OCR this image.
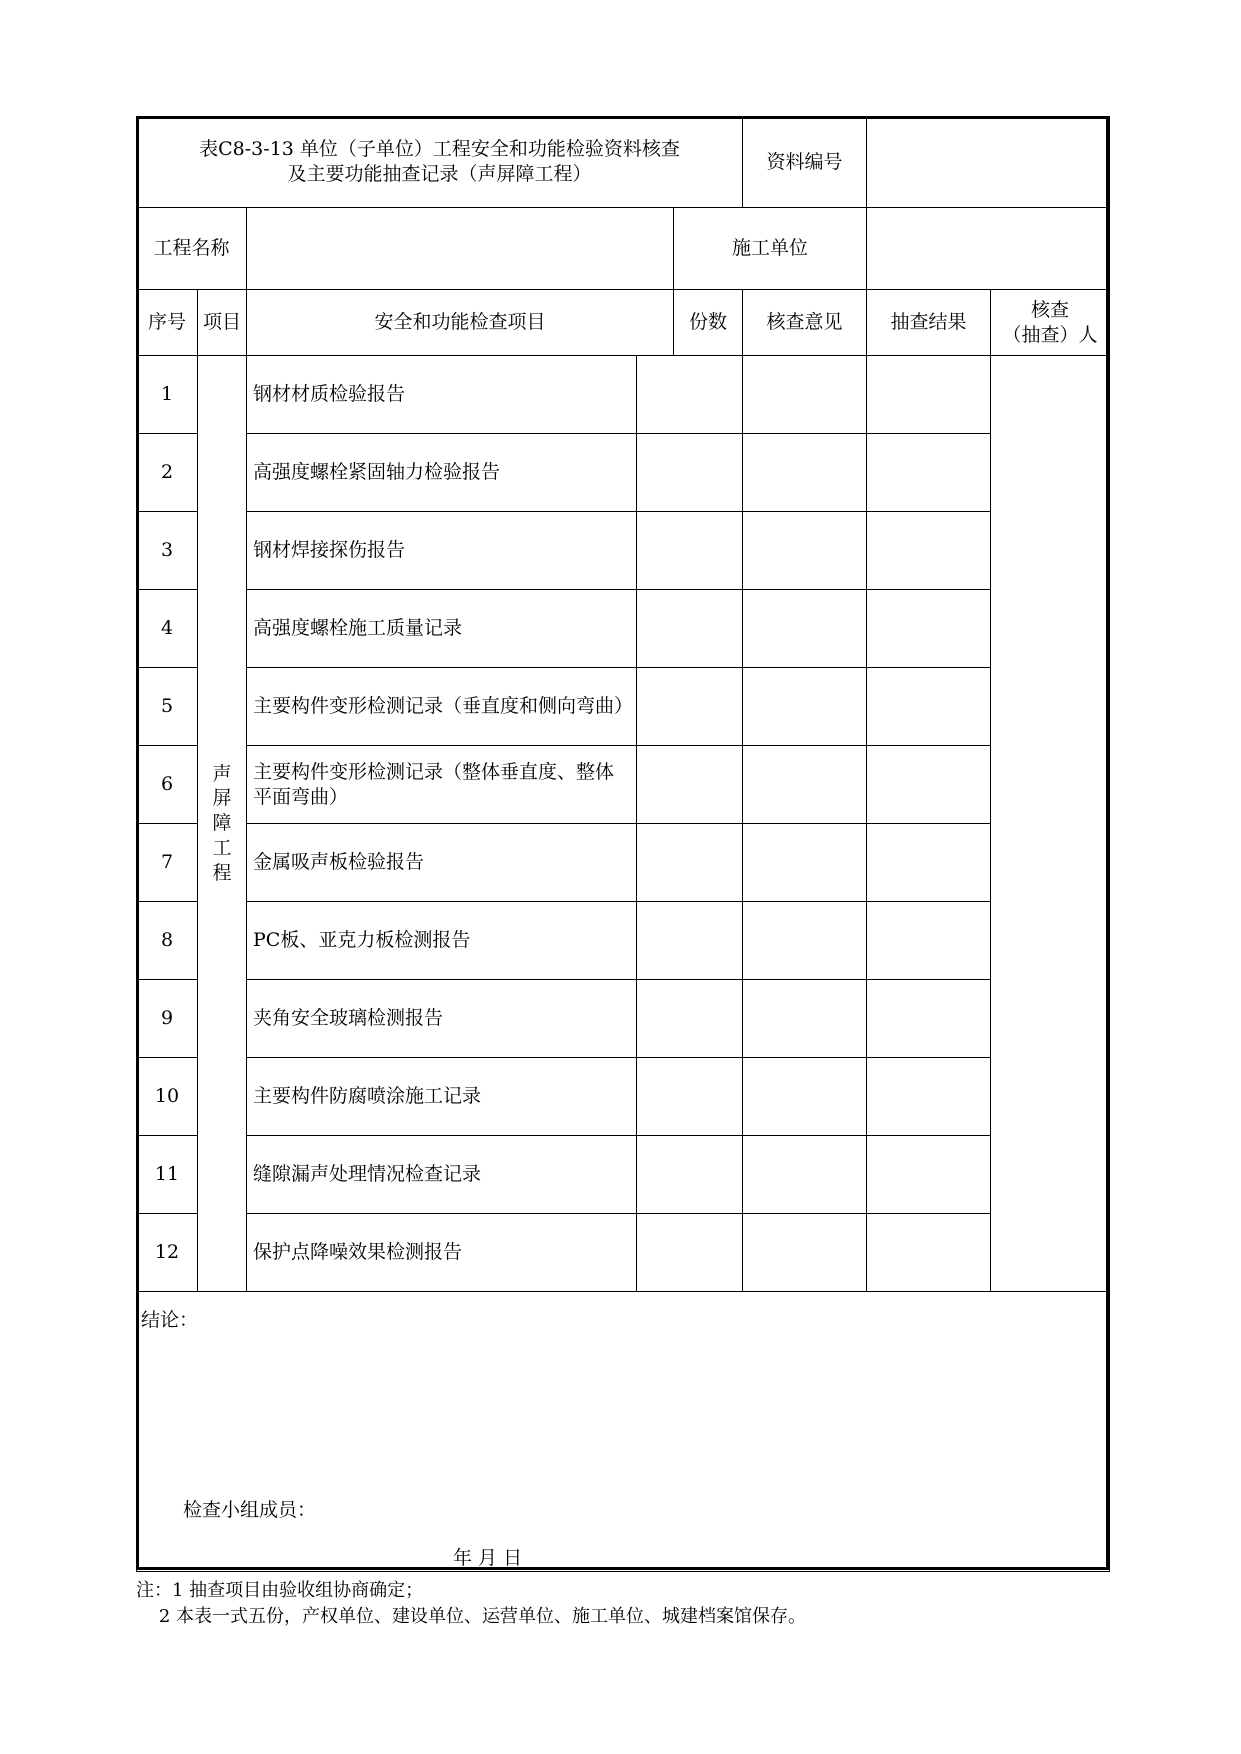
表C8-3-13 单位（子单位）工程安全和功能检验资料核查
及主要功能抽查记录（声屏障工程）					资料编号		
工程名称				施工单位			
序号	项目	安全和功能检查项目		份数	核查意见	抽查结果	核查
（抽查）人

1	声屏障工程	钢材材质检验报告					
2		高强度螺栓紧固轴力检验报告					
3		钢材焊接探伤报告					
4		高强度螺栓施工质量记录					
5		主要构件变形检测记录（垂直度和侧向弯曲）					
6		主要构件变形检测记录（整体垂直度、整体平面弯曲）					
7		金属吸声板检验报告					
8		PC板、亚克力板检测报告					
9		夹角安全玻璃检测报告					
10		主要构件防腐喷涂施工记录					
11		缝隙漏声处理情况检查记录					
12		保护点降噪效果检测报告					

结论：
检查小组成员：
年 月 日							
注：1 抽查项目由验收组协商确定；
2 本表一式五份，产权单位、建设单位、运营单位、施工单位、城建档案馆保存。
